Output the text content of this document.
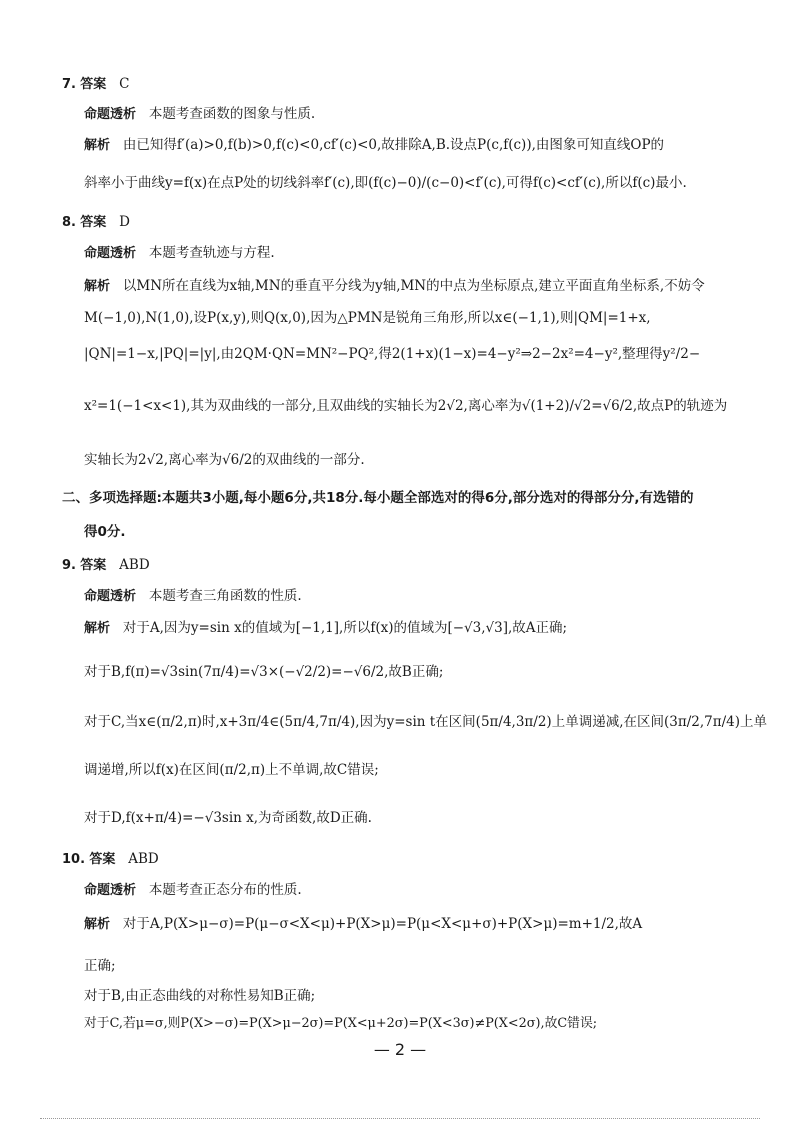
7. 答案 C
命题透析 本题考查函数的图象与性质.
解析 由已知得f′(a)>0,f(b)>0,f(c)<0,cf′(c)<0,故排除A,B.设点P(c,f(c)),由图象可知直线OP的
斜率小于曲线y=f(x)在点P处的切线斜率f′(c),即(f(c)−0)/(c−0)<f′(c),可得f(c)<cf′(c),所以f(c)最小.
8. 答案 D
命题透析 本题考查轨迹与方程.
解析 以MN所在直线为x轴,MN的垂直平分线为y轴,MN的中点为坐标原点,建立平面直角坐标系,不妨令
M(−1,0),N(1,0),设P(x,y),则Q(x,0),因为△PMN是锐角三角形,所以x∈(−1,1),则|QM|=1+x,
|QN|=1−x,|PQ|=|y|,由2QM·QN=MN²−PQ²,得2(1+x)(1−x)=4−y²⇒2−2x²=4−y²,整理得y²/2−
x²=1(−1<x<1),其为双曲线的一部分,且双曲线的实轴长为2√2,离心率为√(1+2)/√2=√6/2,故点P的轨迹为
实轴长为2√2,离心率为√6/2的双曲线的一部分.
二、多项选择题:本题共3小题,每小题6分,共18分.每小题全部选对的得6分,部分选对的得部分分,有选错的
得0分.
9. 答案 ABD
命题透析 本题考查三角函数的性质.
解析 对于A,因为y=sin x的值域为[−1,1],所以f(x)的值域为[−√3,√3],故A正确;
对于B,f(π)=√3sin(7π/4)=√3×(−√2/2)=−√6/2,故B正确;
对于C,当x∈(π/2,π)时,x+3π/4∈(5π/4,7π/4),因为y=sin t在区间(5π/4,3π/2)上单调递减,在区间(3π/2,7π/4)上单
调递增,所以f(x)在区间(π/2,π)上不单调,故C错误;
对于D,f(x+π/4)=−√3sin x,为奇函数,故D正确.
10. 答案 ABD
命题透析 本题考查正态分布的性质.
解析 对于A,P(X>μ−σ)=P(μ−σ<X<μ)+P(X>μ)=P(μ<X<μ+σ)+P(X>μ)=m+1/2,故A
正确;
对于B,由正态曲线的对称性易知B正确;
对于C,若μ=σ,则P(X>−σ)=P(X>μ−2σ)=P(X<μ+2σ)=P(X<3σ)≠P(X<2σ),故C错误;
— 2 —
